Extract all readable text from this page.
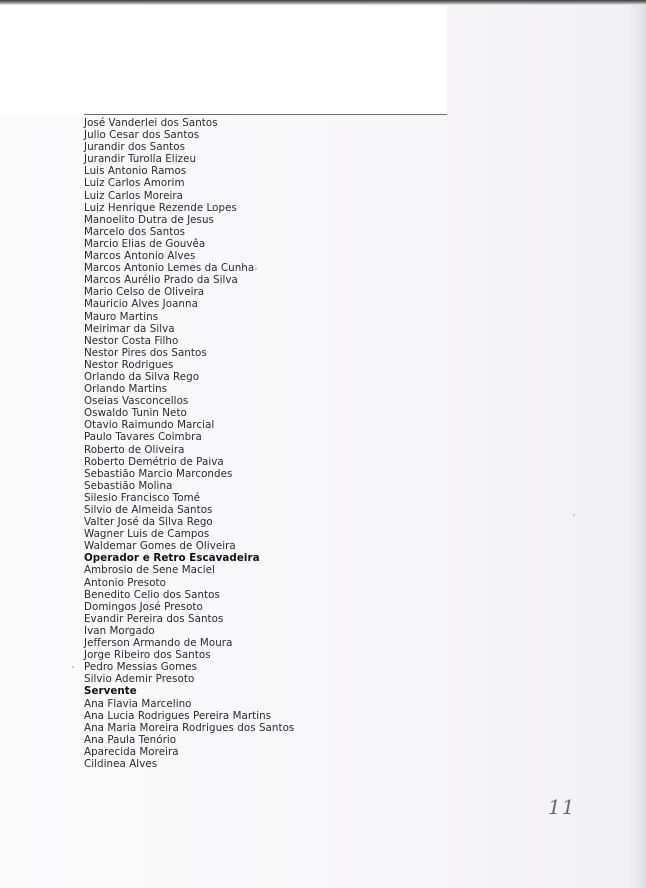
José Vanderlei dos Santos
Julio Cesar dos Santos
Jurandir dos Santos
Jurandir Turolla Elizeu
Luis Antonio Ramos
Luiz Carlos Amorim
Luiz Carlos Moreira
Luiz Henrique Rezende Lopes
Manoelito Dutra de Jesus
Marcelo dos Santos
Marcio Elias de Gouvêa
Marcos Antonio Alves
Marcos Antonio Lemes da Cunha
Marcos Aurélio Prado da Silva
Mario Celso de Oliveira
Mauricio Alves Joanna
Mauro Martins
Meirimar da Silva
Nestor Costa Filho
Nestor Pires dos Santos
Nestor Rodrigues
Orlando da Silva Rego
Orlando Martins
Oseias Vasconcellos
Oswaldo Tunin Neto
Otavio Raimundo Marcial
Paulo Tavares Coimbra
Roberto de Oliveira
Roberto Demétrio de Paiva
Sebastião Marcio Marcondes
Sebastião Molina
Silesio Francisco Tomé
Silvio de Almeida Santos
Valter José da Silva Rego
Wagner Luis de Campos
Waldemar Gomes de Oliveira
Operador e Retro Escavadeira
Ambrosio de Sene Maciel
Antonio Presoto
Benedito Celio dos Santos
Domingos José Presoto
Evandir Pereira dos Santos
Ivan Morgado
Jefferson Armando de Moura
Jorge Ribeiro dos Santos
Pedro Messias Gomes
Silvio Ademir Presoto
Servente
Ana Flavia Marcelino
Ana Lucia Rodrigues Pereira Martins
Ana Maria Moreira Rodrigues dos Santos
Ana Paula Tenório
Aparecida Moreira
Cildinea Alves
11
